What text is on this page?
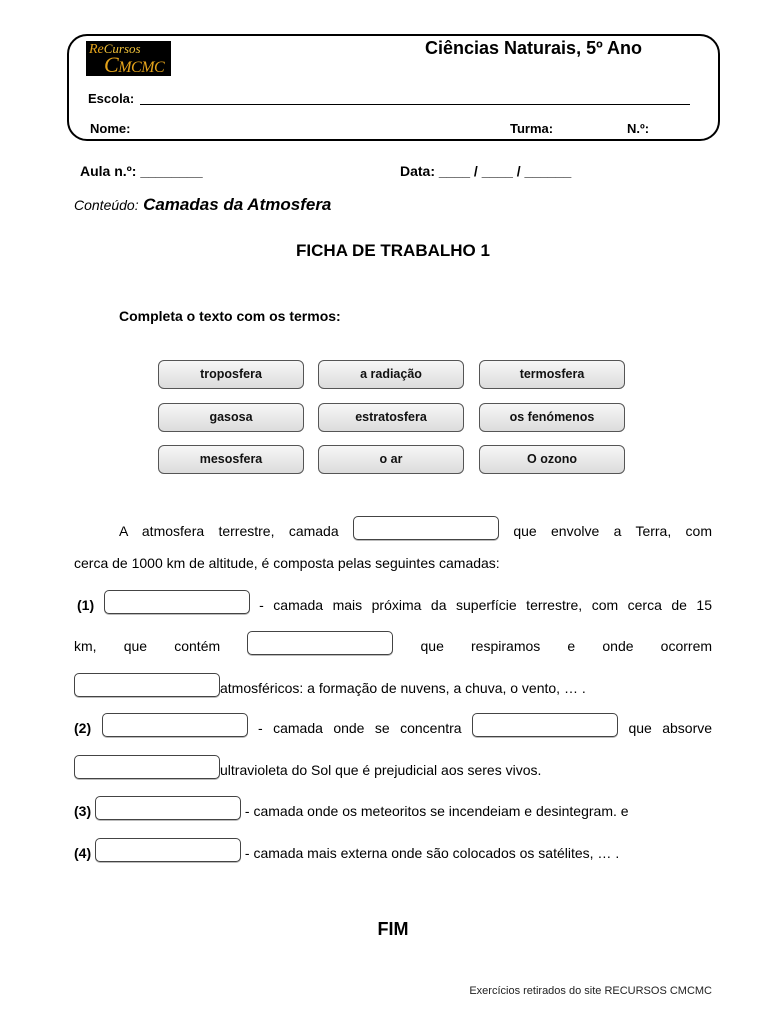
ReCursos
CMCMC
Ciências Naturais, 5º Ano
Escola:
Nome:	Turma:	N.º:
Aula n.º: ________	Data: ____ / ____ / ______
Conteúdo: Camadas da Atmosfera
FICHA DE TRABALHO 1
Completa o texto com os termos:
troposfera	a radiação	termosfera
gasosa	estratosfera	os fenómenos
mesosfera	o ar	O ozono
A atmosfera terrestre, camada	que envolve a Terra, com
cerca de 1000 km de altitude, é composta pelas seguintes camadas:
(1)	- camada mais próxima da superfície terrestre, com cerca de 15
km, que contém	que respiramos e onde ocorrem
atmosféricos: a formação de nuvens, a chuva, o vento, … .
(2)	- camada onde se concentra	que absorve
ultravioleta do Sol que é prejudicial aos seres vivos.
(3)	- camada onde os meteoritos se incendeiam e desintegram. e
(4)	- camada mais externa onde são colocados os satélites, … .
FIM
Exercícios retirados do site RECURSOS CMCMC
